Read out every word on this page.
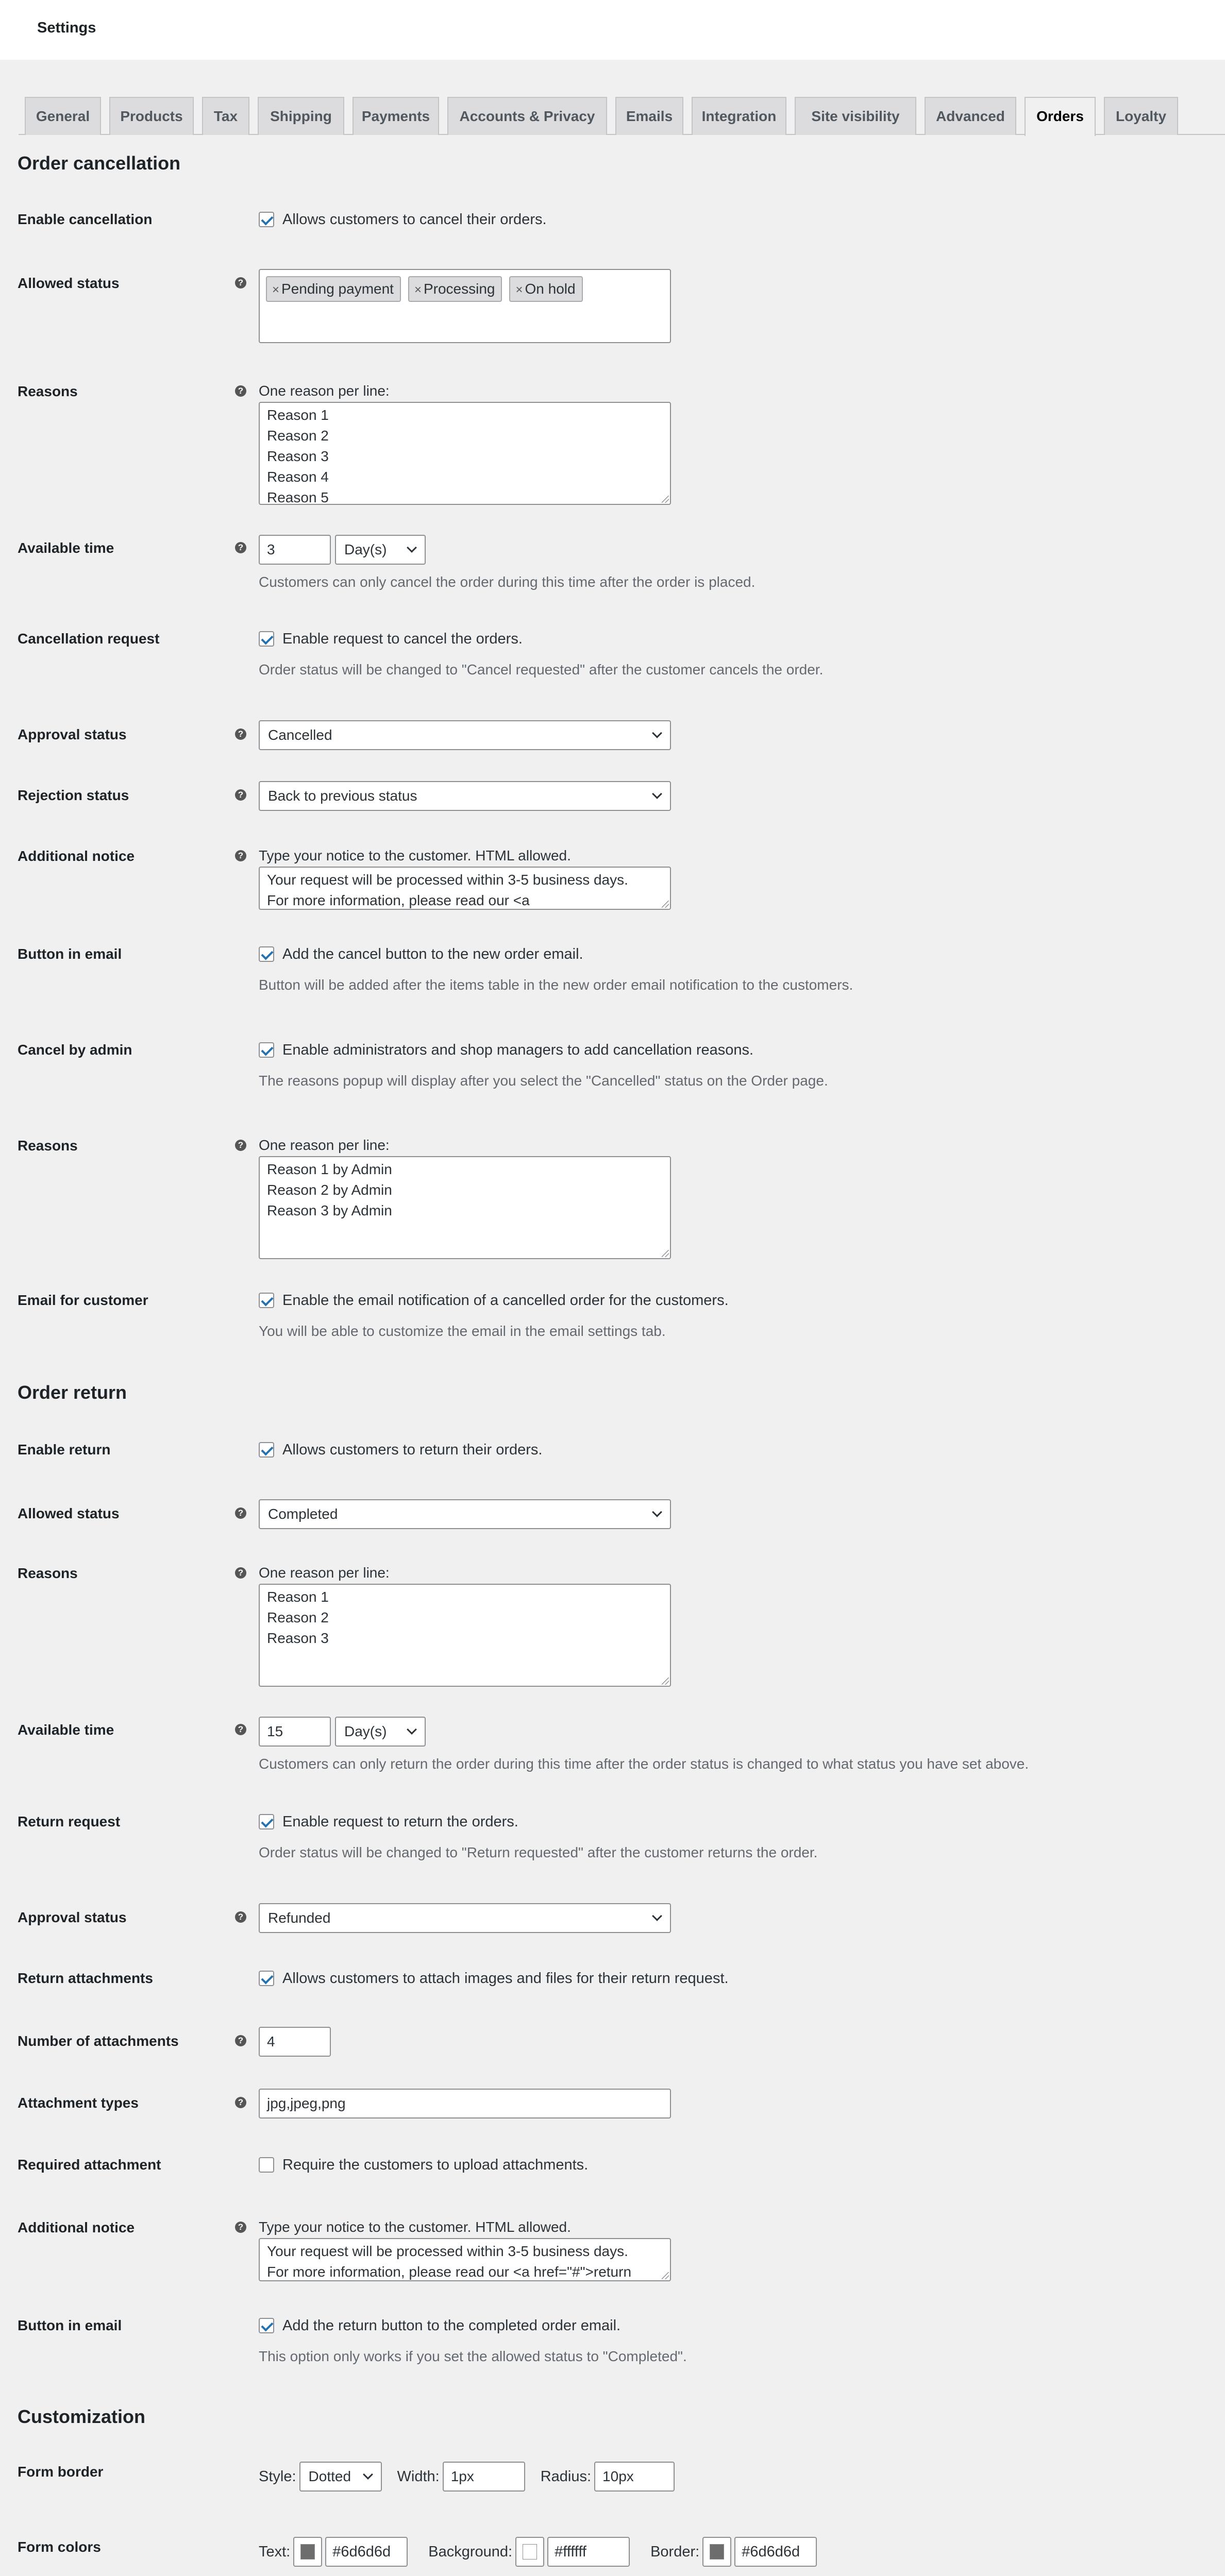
Settings
General	Products	Tax	Shipping	Payments	Accounts & Privacy	Emails	Integration	Site visibility	Advanced	Orders	Loyalty
Order cancellation
Enable cancellation	Allows customers to cancel their orders.
Allowed status	?
× Pending payment	× Processing	× On hold
Reasons	? One reason per line:
Reason 1
Reason 2
Reason 3
Reason 4
Reason 5
Available time	?	3	Day(s)
Customers can only cancel the order during this time after the order is placed.
Cancellation request	Enable request to cancel the orders.
Order status will be changed to "Cancel requested" after the customer cancels the order.
Approval status	?	Cancelled
Rejection status	?	Back to previous status
Additional notice	? Type your notice to the customer. HTML allowed.
Your request will be processed within 3-5 business days.
For more information, please read our <a
Button in email	Add the cancel button to the new order email.
Button will be added after the items table in the new order email notification to the customers.
Cancel by admin	Enable administrators and shop managers to add cancellation reasons.
The reasons popup will display after you select the "Cancelled" status on the Order page.
Reasons	? One reason per line:
Reason 1 by Admin
Reason 2 by Admin
Reason 3 by Admin
Email for customer	Enable the email notification of a cancelled order for the customers.
You will be able to customize the email in the email settings tab.
Order return
Enable return	Allows customers to return their orders.
Allowed status	?	Completed
Reasons	? One reason per line:
Reason 1
Reason 2
Reason 3
Available time	?	15	Day(s)
Customers can only return the order during this time after the order status is changed to what status you have set above.
Return request	Enable request to return the orders.
Order status will be changed to "Return requested" after the customer returns the order.
Approval status	?	Refunded
Return attachments	Allows customers to attach images and files for their return request.
Number of attachments	?	4
Attachment types	?	jpg,jpeg,png
Required attachment	Require the customers to upload attachments.
Additional notice	? Type your notice to the customer. HTML allowed.
Your request will be processed within 3-5 business days.
For more information, please read our <a href="#">return
Button in email	Add the return button to the completed order email.
This option only works if you set the allowed status to "Completed".
Customization
Form border	Style: Dotted	Width: 1px	Radius: 10px
Form colors	Text:	#6d6d6d	Background:	#ffffff	Border:	#6d6d6d
